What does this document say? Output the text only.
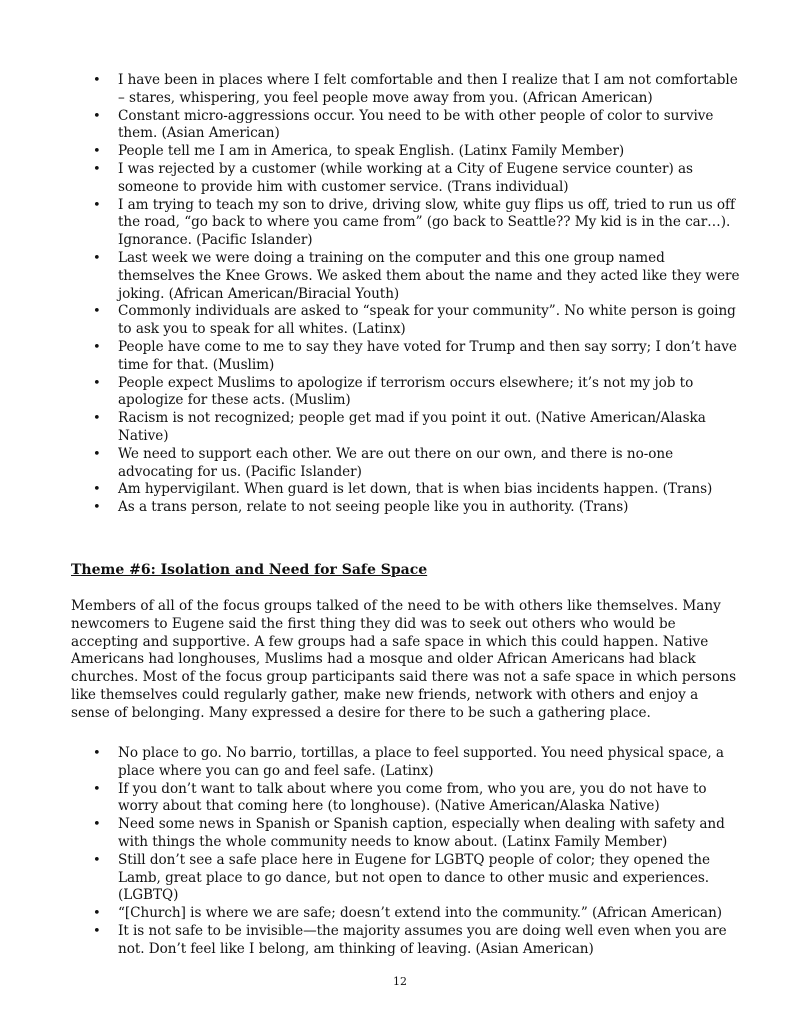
• I have been in places where I felt comfortable and then I realize that I am not comfortable – stares, whispering, you feel people move away from you. (African American)
• Constant micro-aggressions occur. You need to be with other people of color to survive them. (Asian American)
• People tell me I am in America, to speak English. (Latinx Family Member)
• I was rejected by a customer (while working at a City of Eugene service counter) as someone to provide him with customer service. (Trans individual)
• I am trying to teach my son to drive, driving slow, white guy flips us off, tried to run us off the road, “go back to where you came from” (go back to Seattle?? My kid is in the car…). Ignorance. (Pacific Islander)
• Last week we were doing a training on the computer and this one group named themselves the Knee Grows. We asked them about the name and they acted like they were joking. (African American/Biracial Youth)
• Commonly individuals are asked to “speak for your community”. No white person is going to ask you to speak for all whites. (Latinx)
• People have come to me to say they have voted for Trump and then say sorry; I don’t have time for that. (Muslim)
• People expect Muslims to apologize if terrorism occurs elsewhere; it’s not my job to apologize for these acts. (Muslim)
• Racism is not recognized; people get mad if you point it out. (Native American/Alaska Native)
• We need to support each other. We are out there on our own, and there is no-one advocating for us. (Pacific Islander)
• Am hypervigilant. When guard is let down, that is when bias incidents happen. (Trans)
• As a trans person, relate to not seeing people like you in authority. (Trans)
Theme #6: Isolation and Need for Safe Space

Members of all of the focus groups talked of the need to be with others like themselves. Many newcomers to Eugene said the first thing they did was to seek out others who would be accepting and supportive. A few groups had a safe space in which this could happen. Native Americans had longhouses, Muslims had a mosque and older African Americans had black churches. Most of the focus group participants said there was not a safe space in which persons like themselves could regularly gather, make new friends, network with others and enjoy a sense of belonging. Many expressed a desire for there to be such a gathering place.

• No place to go. No barrio, tortillas, a place to feel supported. You need physical space, a place where you can go and feel safe. (Latinx)
• If you don’t want to talk about where you come from, who you are, you do not have to worry about that coming here (to longhouse). (Native American/Alaska Native)
• Need some news in Spanish or Spanish caption, especially when dealing with safety and with things the whole community needs to know about. (Latinx Family Member)
• Still don’t see a safe place here in Eugene for LGBTQ people of color; they opened the Lamb, great place to go dance, but not open to dance to other music and experiences. (LGBTQ)
• “[Church] is where we are safe; doesn’t extend into the community.” (African American)
• It is not safe to be invisible—the majority assumes you are doing well even when you are not. Don’t feel like I belong, am thinking of leaving. (Asian American)
12
